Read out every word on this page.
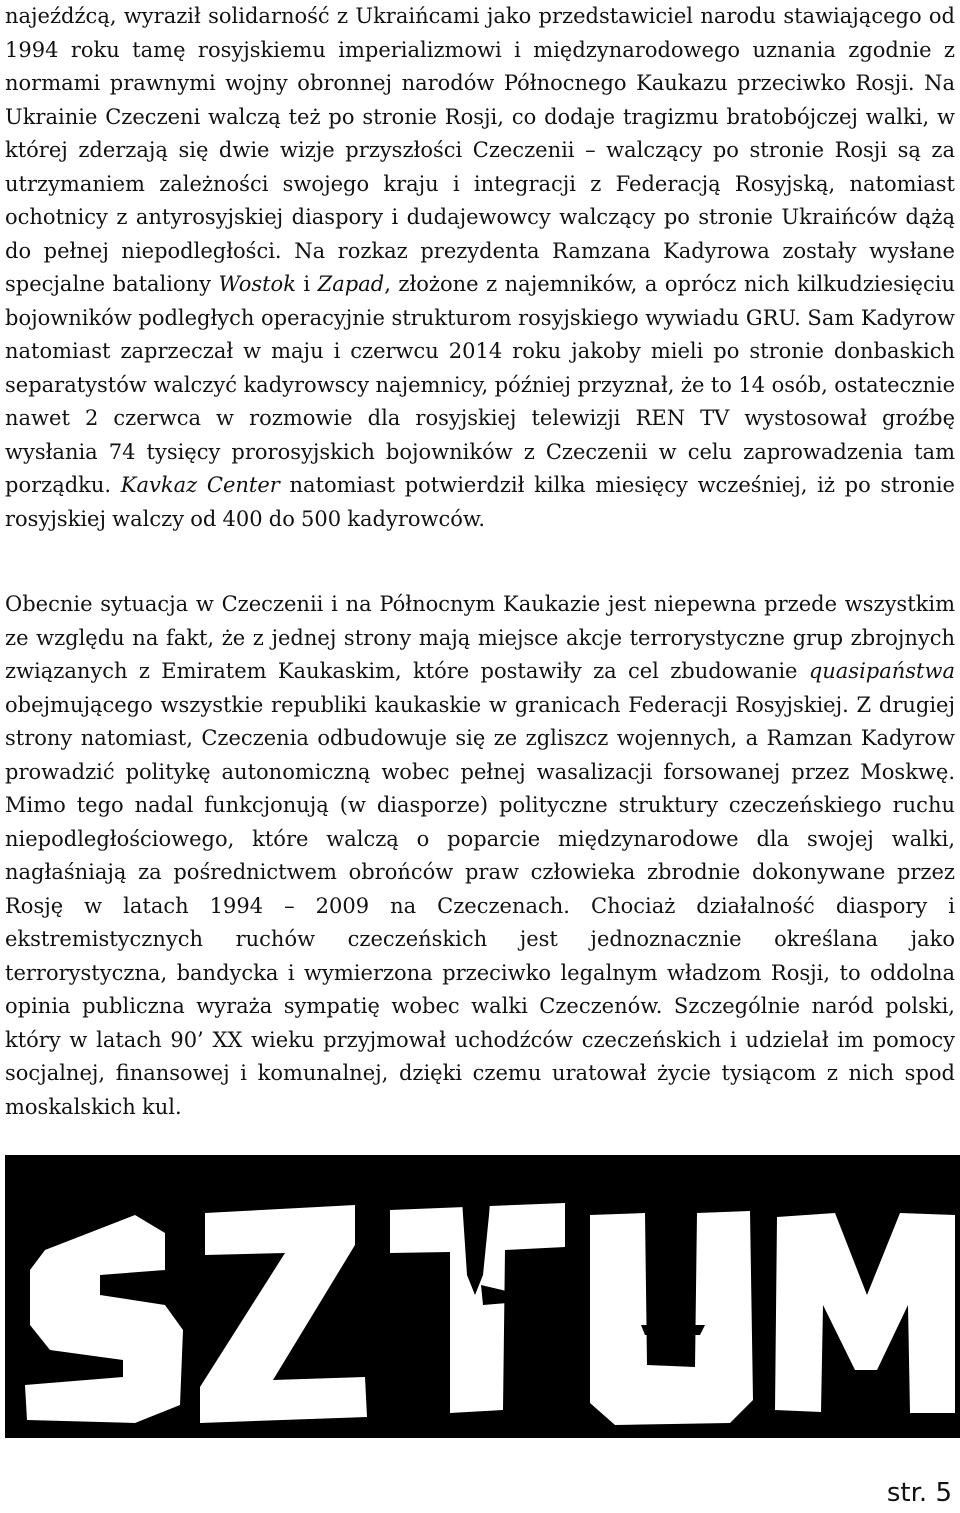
najeźdźcą, wyraził solidarność z Ukraińcami jako przedstawiciel narodu stawiającego od 1994 roku tamę rosyjskiemu imperializmowi i międzynarodowego uznania zgodnie z normami prawnymi wojny obronnej narodów Północnego Kaukazu przeciwko Rosji. Na Ukrainie Czeczeni walczą też po stronie Rosji, co dodaje tragizmu bratobójczej walki, w której zderzają się dwie wizje przyszłości Czeczenii – walczący po stronie Rosji są za utrzymaniem zależności swojego kraju i integracji z Federacją Rosyjską, natomiast ochotnicy z antyrosyjskiej diaspory i dudajewowcy walczący po stronie Ukraińców dążą do pełnej niepodległości. Na rozkaz prezydenta Ramzana Kadyrowa zostały wysłane specjalne bataliony Wostok i Zapad, złożone z najemników, a oprócz nich kilkudziesięciu bojowników podległych operacyjnie strukturom rosyjskiego wywiadu GRU. Sam Kadyrow natomiast zaprzeczał w maju i czerwcu 2014 roku jakoby mieli po stronie donbaskich separatystów walczyć kadyrowscy najemnicy, później przyznał, że to 14 osób, ostatecznie nawet 2 czerwca w rozmowie dla rosyjskiej telewizji REN TV wystosował groźbę wysłania 74 tysięcy prorosyjskich bojowników z Czeczenii w celu zaprowadzenia tam porządku. Kavkaz Center natomiast potwierdził kilka miesięcy wcześniej, iż po stronie rosyjskiej walczy od 400 do 500 kadyrowców.

Obecnie sytuacja w Czeczenii i na Północnym Kaukazie jest niepewna przede wszystkim ze względu na fakt, że z jednej strony mają miejsce akcje terrorystyczne grup zbrojnych związanych z Emiratem Kaukaskim, które postawiły za cel zbudowanie quasipaństwa obejmującego wszystkie republiki kaukaskie w granicach Federacji Rosyjskiej. Z drugiej strony natomiast, Czeczenia odbudowuje się ze zgliszcz wojennych, a Ramzan Kadyrow prowadzić politykę autonomiczną wobec pełnej wasalizacji forsowanej przez Moskwę. Mimo tego nadal funkcjonują (w diasporze) polityczne struktury czeczeńskiego ruchu niepodległościowego, które walczą o poparcie międzynarodowe dla swojej walki, nagłaśniają za pośrednictwem obrońców praw człowieka zbrodnie dokonywane przez Rosję w latach 1994 – 2009 na Czeczenach. Chociaż działalność diaspory i ekstremistycznych ruchów czeczeńskich jest jednoznacznie określana jako terrorystyczna, bandycka i wymierzona przeciwko legalnym władzom Rosji, to oddolna opinia publiczna wyraża sympatię wobec walki Czeczenów. Szczególnie naród polski, który w latach 90’ XX wieku przyjmował uchodźców czeczeńskich i udzielał im pomocy socjalnej, finansowej i komunalnej, dzięki czemu uratował życie tysiącom z nich spod moskalskich kul.

str. 5
